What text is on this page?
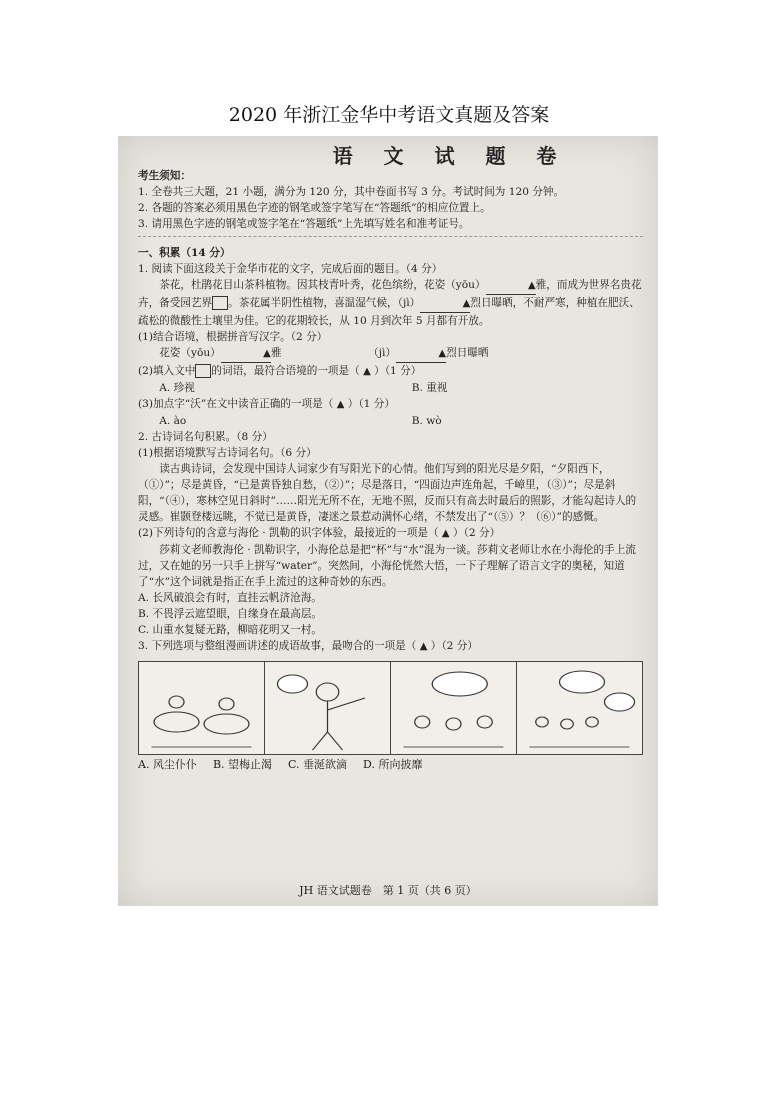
2020 年浙江金华中考语文真题及答案
语 文 试 题 卷

考生须知：

1. 全卷共三大题，21 小题，满分为 120 分，其中卷面书写 3 分。考试时间为 120 分钟。

2. 各题的答案必须用黑色字迹的钢笔或签字笔写在“答题纸”的相应位置上。

3. 请用黑色字迹的钢笔或签字笔在“答题纸”上先填写姓名和准考证号。

一、积累（14 分）

1. 阅读下面这段关于金华市花的文字，完成后面的题目。（4 分）

茶花，杜鹃花目山茶科植物。因其枝青叶秀，花色缤纷，花姿（yōu）	▲雅，而成为世界名贵花卉，备受园艺界 。茶花属半阴性植物，喜温湿气候，（jì）	▲烈日曝晒，不耐严寒，种植在肥沃、疏松的微酸性土壤里为佳。它的花期较长，从 10 月到次年 5 月都有开放。

(1)结合语境，根据拼音写汉字。（2 分）

花姿（yōu）	▲雅	（jì）	▲烈日曝晒

(2)填入文中 的词语，最符合语境的一项是（ ▲ ）（1 分）

A. 珍视	B. 重视

(3)加点字“沃”在文中读音正确的一项是（ ▲ ）（1 分）

A. ào	B. wò

2. 古诗词名句积累。（8 分）

(1)根据语境默写古诗词名句。（6 分）

读古典诗词，会发现中国诗人词家少有写阳光下的心情。他们写到的阳光尽是夕阳，“夕阳西下，（①）”；尽是黄昏，“已是黄昏独自愁，（②）”；尽是落日，“四面边声连角起，千嶂里，（③）”；尽是斜阳，“（④），寒林空见日斜时”……阳光无所不在，无地不照，反而只有高去时最后的照影，才能勾起诗人的灵感。崔颢登楼远眺，不觉已是黄昏，凄迷之景惹动满怀心绪，不禁发出了“（⑤）？（⑥）”的感慨。

(2)下列诗句的含意与海伦 · 凯勒的识字体验，最接近的一项是（ ▲ ）（2 分）

莎莉文老师教海伦 · 凯勒识字，小海伦总是把“杯”与“水”混为一谈。莎莉文老师让水在小海伦的手上流过，又在她的另一只手上拼写“water”。突然间，小海伦恍然大悟，一下子理解了语言文字的奥秘，知道了“水”这个词就是指正在手上流过的这种奇妙的东西。

A. 长风破浪会有时，直挂云帆济沧海。

B. 不畏浮云遮望眼，自缘身在最高层。

C. 山重水复疑无路，柳暗花明又一村。

3. 下列选项与整组漫画讲述的成语故事，最吻合的一项是（ ▲ ）（2 分）

A. 风尘仆仆 B. 望梅止渴 C. 垂涎欲滴 D. 所向披靡
JH 语文试题卷　第 1 页（共 6 页）
